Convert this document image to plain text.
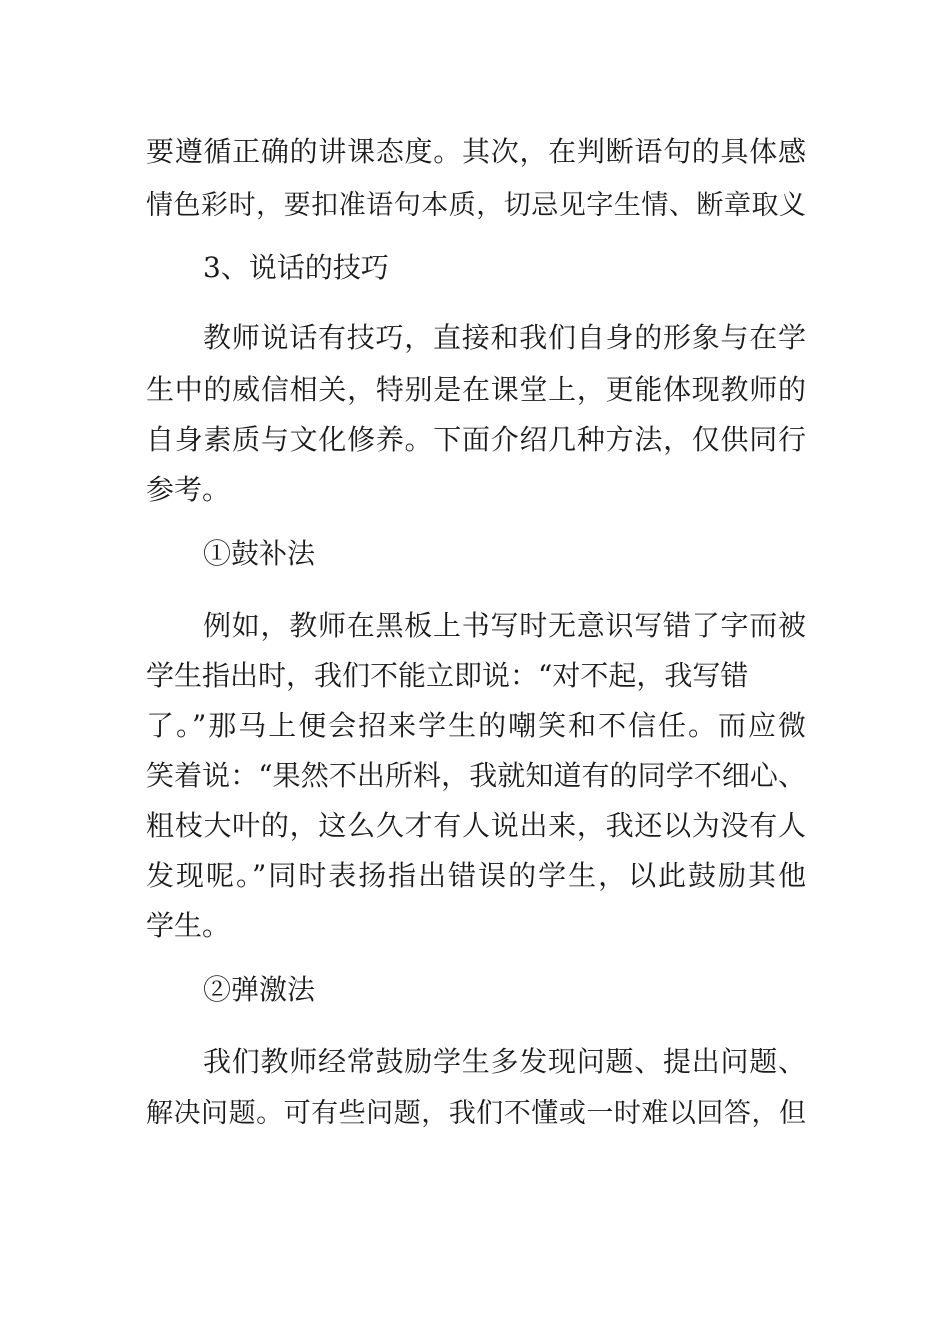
要遵循正确的讲课态度。其次，在判断语句的具体感
情色彩时，要扣准语句本质，切忌见字生情、断章取义
3、说话的技巧
教师说话有技巧，直接和我们自身的形象与在学
生中的威信相关，特别是在课堂上，更能体现教师的
自身素质与文化修养。下面介绍几种方法，仅供同行
参考。
①鼓补法
例如，教师在黑板上书写时无意识写错了字而被
学生指出时，我们不能立即说：“对不起，我写错
了。”那马上便会招来学生的嘲笑和不信任。而应微
笑着说：“果然不出所料，我就知道有的同学不细心、
粗枝大叶的，这么久才有人说出来，我还以为没有人
发现呢。”同时表扬指出错误的学生，以此鼓励其他
学生。
②弹激法
我们教师经常鼓励学生多发现问题、提出问题、
解决问题。可有些问题，我们不懂或一时难以回答，但
